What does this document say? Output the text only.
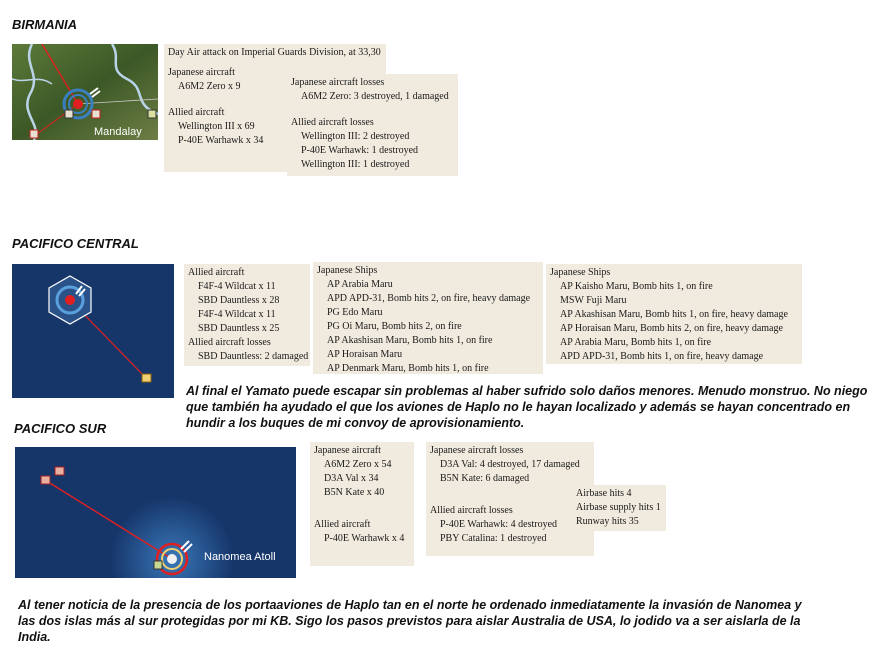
BIRMANIA
Mandalay
Day Air attack on Imperial Guards Division, at 33,30
Japanese aircraft
A6M2 Zero x 9
Allied aircraft
Wellington III x 69
P-40E Warhawk x 34
Japanese aircraft losses
A6M2 Zero: 3 destroyed, 1 damaged
Allied aircraft losses
Wellington III: 2 destroyed
P-40E Warhawk: 1 destroyed
Wellington III: 1 destroyed
PACIFICO CENTRAL
Allied aircraft
F4F-4 Wildcat x 11
SBD Dauntless x 28
F4F-4 Wildcat x 11
SBD Dauntless x 25
Allied aircraft losses
SBD Dauntless: 2 damaged
Japanese Ships
AP Arabia Maru
APD APD-31, Bomb hits 2, on fire, heavy damage
PG Edo Maru
PG Oi Maru, Bomb hits 2, on fire
AP Akashisan Maru, Bomb hits 1, on fire
AP Horaisan Maru
AP Denmark Maru, Bomb hits 1, on fire
Japanese Ships
AP Kaisho Maru, Bomb hits 1, on fire
MSW Fuji Maru
AP Akashisan Maru, Bomb hits 1, on fire, heavy damage
AP Horaisan Maru, Bomb hits 2, on fire, heavy damage
AP Arabia Maru, Bomb hits 1, on fire
APD APD-31, Bomb hits 1, on fire, heavy damage
Al final el Yamato puede escapar sin problemas al haber sufrido solo daños menores. Menudo monstruo. No niego que también ha ayudado el que los aviones de Haplo no le hayan localizado y además se hayan concentrado en hundir a los buques de mi convoy de aprovisionamiento.
PACIFICO SUR
Nanomea Atoll
Japanese aircraft
A6M2 Zero x 54
D3A Val x 34
B5N Kate x 40
Allied aircraft
P-40E Warhawk x 4
Japanese aircraft losses
D3A Val: 4 destroyed, 17 damaged
B5N Kate: 6 damaged
Allied aircraft losses
P-40E Warhawk: 4 destroyed
PBY Catalina: 1 destroyed
Airbase hits 4
Airbase supply hits 1
Runway hits 35
Al tener noticia de la presencia de los portaaviones de Haplo tan en el norte he ordenado inmediatamente la invasión de Nanomea y las dos islas más al sur protegidas por mi KB. Sigo los pasos previstos para aislar Australia de USA, lo jodido va a ser aislarla de la India.
